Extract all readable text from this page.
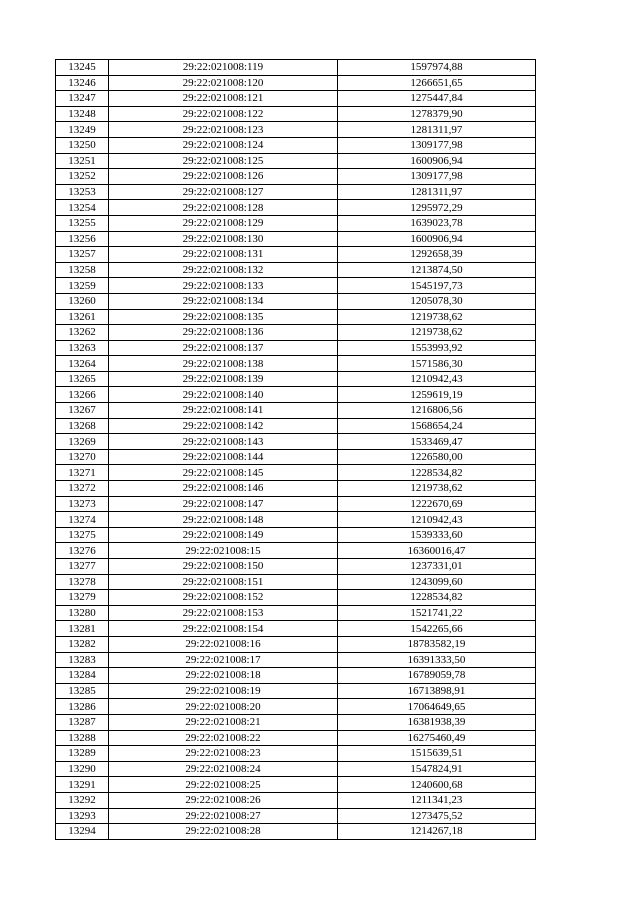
13245	29:22:021008:119	1597974,88
13246	29:22:021008:120	1266651,65
13247	29:22:021008:121	1275447,84
13248	29:22:021008:122	1278379,90
13249	29:22:021008:123	1281311,97
13250	29:22:021008:124	1309177,98
13251	29:22:021008:125	1600906,94
13252	29:22:021008:126	1309177,98
13253	29:22:021008:127	1281311,97
13254	29:22:021008:128	1295972,29
13255	29:22:021008:129	1639023,78
13256	29:22:021008:130	1600906,94
13257	29:22:021008:131	1292658,39
13258	29:22:021008:132	1213874,50
13259	29:22:021008:133	1545197,73
13260	29:22:021008:134	1205078,30
13261	29:22:021008:135	1219738,62
13262	29:22:021008:136	1219738,62
13263	29:22:021008:137	1553993,92
13264	29:22:021008:138	1571586,30
13265	29:22:021008:139	1210942,43
13266	29:22:021008:140	1259619,19
13267	29:22:021008:141	1216806,56
13268	29:22:021008:142	1568654,24
13269	29:22:021008:143	1533469,47
13270	29:22:021008:144	1226580,00
13271	29:22:021008:145	1228534,82
13272	29:22:021008:146	1219738,62
13273	29:22:021008:147	1222670,69
13274	29:22:021008:148	1210942,43
13275	29:22:021008:149	1539333,60
13276	29:22:021008:15	16360016,47
13277	29:22:021008:150	1237331,01
13278	29:22:021008:151	1243099,60
13279	29:22:021008:152	1228534,82
13280	29:22:021008:153	1521741,22
13281	29:22:021008:154	1542265,66
13282	29:22:021008:16	18783582,19
13283	29:22:021008:17	16391333,50
13284	29:22:021008:18	16789059,78
13285	29:22:021008:19	16713898,91
13286	29:22:021008:20	17064649,65
13287	29:22:021008:21	16381938,39
13288	29:22:021008:22	16275460,49
13289	29:22:021008:23	1515639,51
13290	29:22:021008:24	1547824,91
13291	29:22:021008:25	1240600,68
13292	29:22:021008:26	1211341,23
13293	29:22:021008:27	1273475,52
13294	29:22:021008:28	1214267,18
